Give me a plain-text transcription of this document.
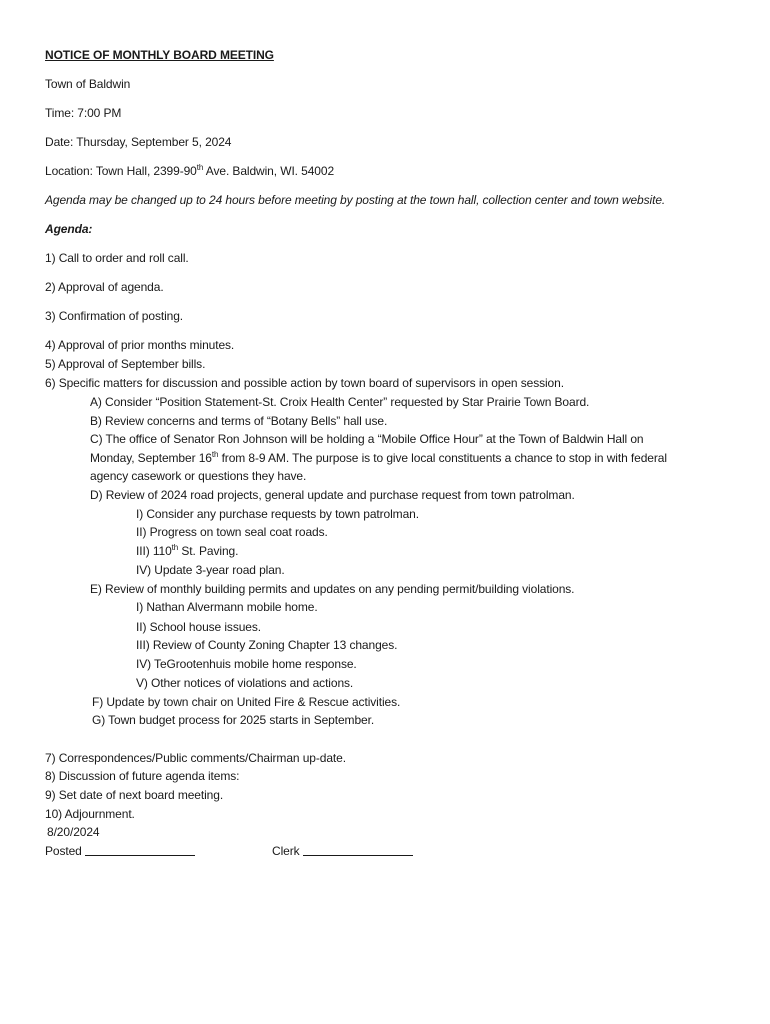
NOTICE OF MONTHLY BOARD MEETING
Town of Baldwin
Time: 7:00 PM
Date: Thursday, September 5, 2024
Location: Town Hall, 2399-90th Ave. Baldwin, WI. 54002
Agenda may be changed up to 24 hours before meeting by posting at the town hall, collection center and town website.
Agenda:
1) Call to order and roll call.
2) Approval of agenda.
3) Confirmation of posting.
4) Approval of prior months minutes.
5) Approval of September bills.
6) Specific matters for discussion and possible action by town board of supervisors in open session.
A) Consider “Position Statement-St. Croix Health Center” requested by Star Prairie Town Board.
B) Review concerns and terms of “Botany Bells” hall use.
C) The office of Senator Ron Johnson will be holding a “Mobile Office Hour” at the Town of Baldwin Hall on
Monday, September 16th from 8-9 AM. The purpose is to give local constituents a chance to stop in with federal
agency casework or questions they have.
D) Review of 2024 road projects, general update and purchase request from town patrolman.
I) Consider any purchase requests by town patrolman.
II) Progress on town seal coat roads.
III) 110th St. Paving.
IV) Update 3-year road plan.
E) Review of monthly building permits and updates on any pending permit/building violations.
I) Nathan Alvermann mobile home.
II) School house issues.
III) Review of County Zoning Chapter 13 changes.
IV) TeGrootenhuis mobile home response.
V) Other notices of violations and actions.
F) Update by town chair on United Fire & Rescue activities.
G) Town budget process for 2025 starts in September.
7) Correspondences/Public comments/Chairman up-date.
8) Discussion of future agenda items:
9) Set date of next board meeting.
10) Adjournment.
8/20/2024
Posted	Clerk
